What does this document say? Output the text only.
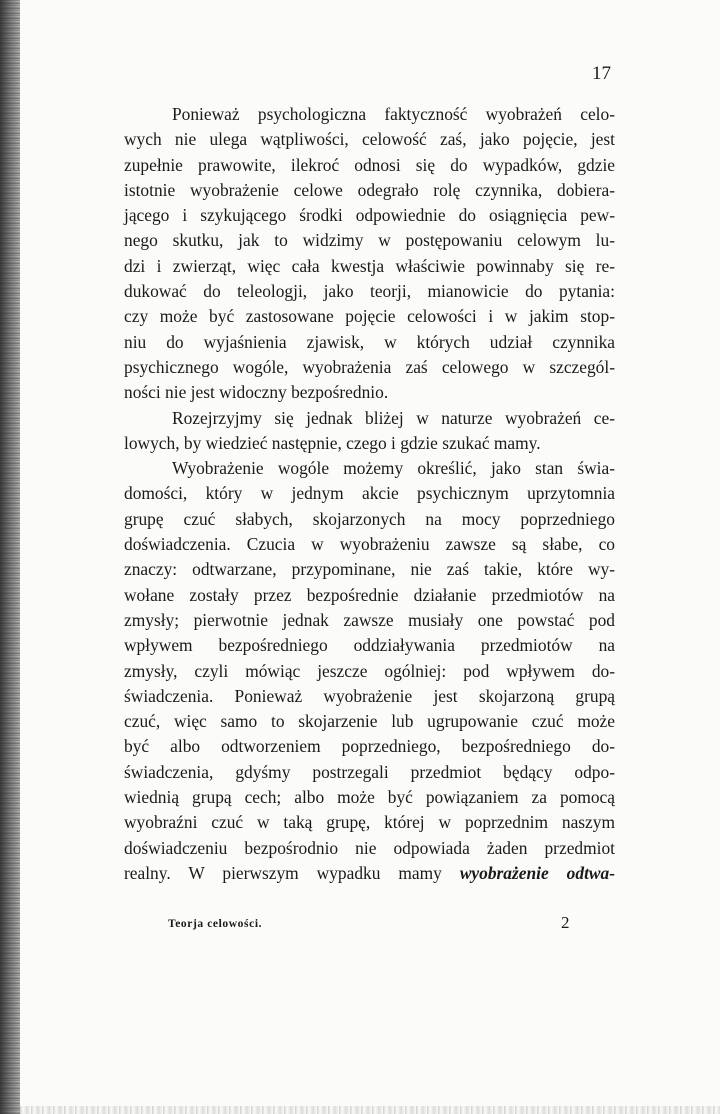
17
Ponieważ psychologiczna faktyczność wyobrażeń celo-
wych nie ulega wątpliwości, celowość zaś, jako pojęcie, jest
zupełnie prawowite, ilekroć odnosi się do wypadków, gdzie
istotnie wyobrażenie celowe odegrało rolę czynnika, dobiera-
jącego i szykującego środki odpowiednie do osiągnięcia pew-
nego skutku, jak to widzimy w postępowaniu celowym lu-
dzi i zwierząt, więc cała kwestja właściwie powinnaby się re-
dukować do teleologji, jako teorji, mianowicie do pytania:
czy może być zastosowane pojęcie celowości i w jakim stop-
niu do wyjaśnienia zjawisk, w których udział czynnika
psychicznego wogóle, wyobrażenia zaś celowego w szczegól-
ności nie jest widoczny bezpośrednio.
Rozejrzyjmy się jednak bliżej w naturze wyobrażeń ce-
lowych, by wiedzieć następnie, czego i gdzie szukać mamy.
Wyobrażenie wogóle możemy określić, jako stan świa-
domości, który w jednym akcie psychicznym uprzytomnia
grupę czuć słabych, skojarzonych na mocy poprzedniego
doświadczenia. Czucia w wyobrażeniu zawsze są słabe, co
znaczy: odtwarzane, przypominane, nie zaś takie, które wy-
wołane zostały przez bezpośrednie działanie przedmiotów na
zmysły; pierwotnie jednak zawsze musiały one powstać pod
wpływem bezpośredniego oddziaływania przedmiotów na
zmysły, czyli mówiąc jeszcze ogólniej: pod wpływem do-
świadczenia. Ponieważ wyobrażenie jest skojarzoną grupą
czuć, więc samo to skojarzenie lub ugrupowanie czuć może
być albo odtworzeniem poprzedniego, bezpośredniego do-
świadczenia, gdyśmy postrzegali przedmiot będący odpo-
wiednią grupą cech; albo może być powiązaniem za pomocą
wyobraźni czuć w taką grupę, której w poprzednim naszym
doświadczeniu bezpośrodnio nie odpowiada żaden przedmiot
realny. W pierwszym wypadku mamy wyobrażenie odtwa-
Teorja celowości.	2
